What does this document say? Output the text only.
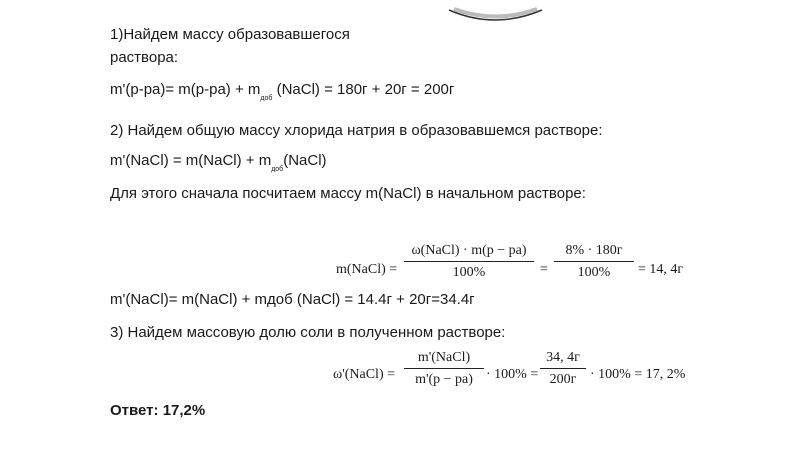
1)Найдем массу образовавшегося
раствора:
$m'(р-ра)= m(р-ра) + m_{доб}$ (NaCl) = 180г + 20г = 200г
2) Найдем общую массу хлорида натрия в образовавшемся растворе:
m'(NaCl) = m(NaCl) + $m_{доб}(NaCl)$
Для этого сначала посчитаем массу m(NaCl) в начальном растворе:
m(NaCl) =
ω(NaCl) · m(р − ра)
100%	=
8% · 180г
100%	= 14, 4г
m'(NaCl)= m(NaCl) + mдоб (NaCl) = 14.4г + 20г=34.4г
3) Найдем массовую долю соли в полученном растворе:
ω'(NaCl) =
m'(NaCl)
m'(р − ра) · 100% =
34, 4г
200г · 100% = 17, 2%
Ответ: 17,2%
